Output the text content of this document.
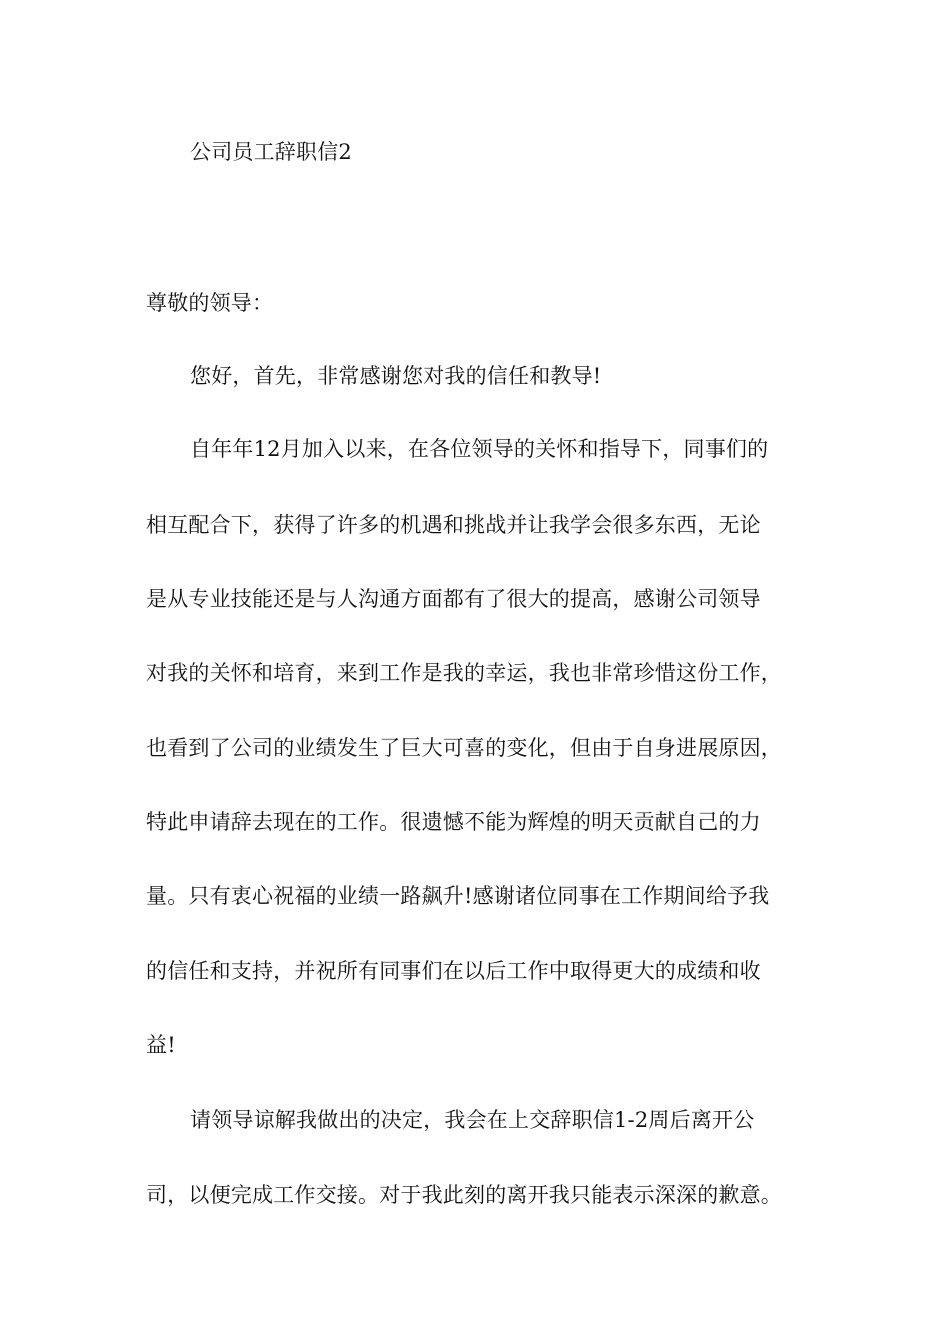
公司员工辞职信2
尊敬的领导：
您好，首先，非常感谢您对我的信任和教导!
自年年12月加入以来，在各位领导的关怀和指导下，同事们的
相互配合下，获得了许多的机遇和挑战并让我学会很多东西，无论
是从专业技能还是与人沟通方面都有了很大的提高，感谢公司领导
对我的关怀和培育，来到工作是我的幸运，我也非常珍惜这份工作，
也看到了公司的业绩发生了巨大可喜的变化，但由于自身进展原因，
特此申请辞去现在的工作。很遗憾不能为辉煌的明天贡献自己的力
量。只有衷心祝福的业绩一路飙升!感谢诸位同事在工作期间给予我
的信任和支持，并祝所有同事们在以后工作中取得更大的成绩和收
益!
请领导谅解我做出的决定，我会在上交辞职信1-2周后离开公
司，以便完成工作交接。对于我此刻的离开我只能表示深深的歉意。
